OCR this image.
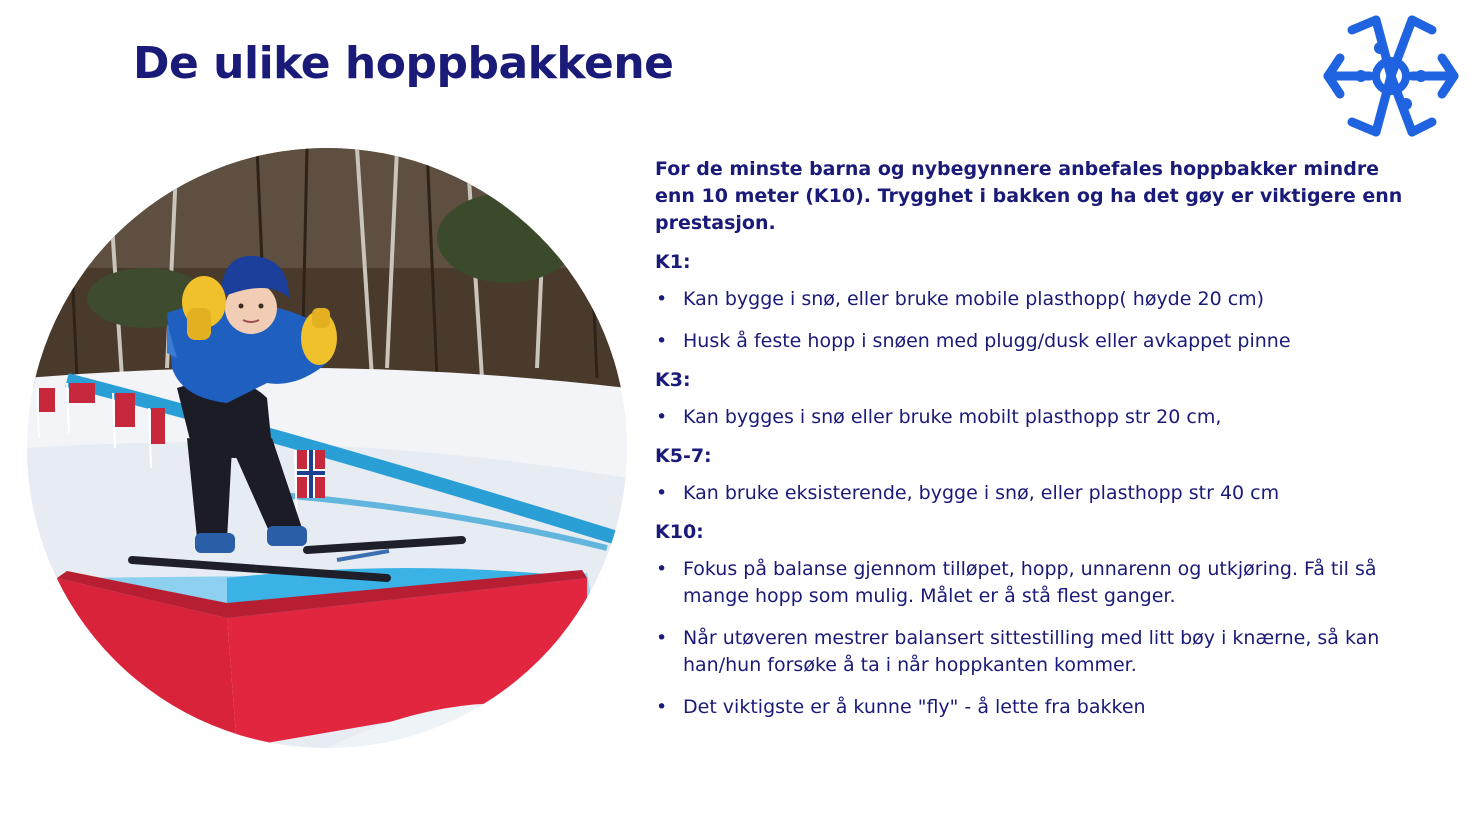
De ulike hoppbakkene

For de minste barna og nybegynnere anbefales hoppbakker mindre enn 10 meter (K10). Trygghet i bakken og ha det gøy er viktigere enn prestasjon.

K1:

• Kan bygge i snø, eller bruke mobile plasthopp( høyde 20 cm)
• Husk å feste hopp i snøen med plugg/dusk eller avkappet pinne

K3:

• Kan bygges i snø eller bruke mobilt plasthopp str 20 cm,

K5-7:

• Kan bruke eksisterende, bygge i snø, eller plasthopp str 40 cm

K10:

• Fokus på balanse gjennom tilløpet, hopp, unnarenn og utkjøring. Få til så mange hopp som mulig. Målet er å stå flest ganger.
• Når utøveren mestrer balansert sittestilling med litt bøy i knærne, så kan han/hun forsøke å ta i når hoppkanten kommer.
• Det viktigste er å kunne "fly" - å lette fra bakken
